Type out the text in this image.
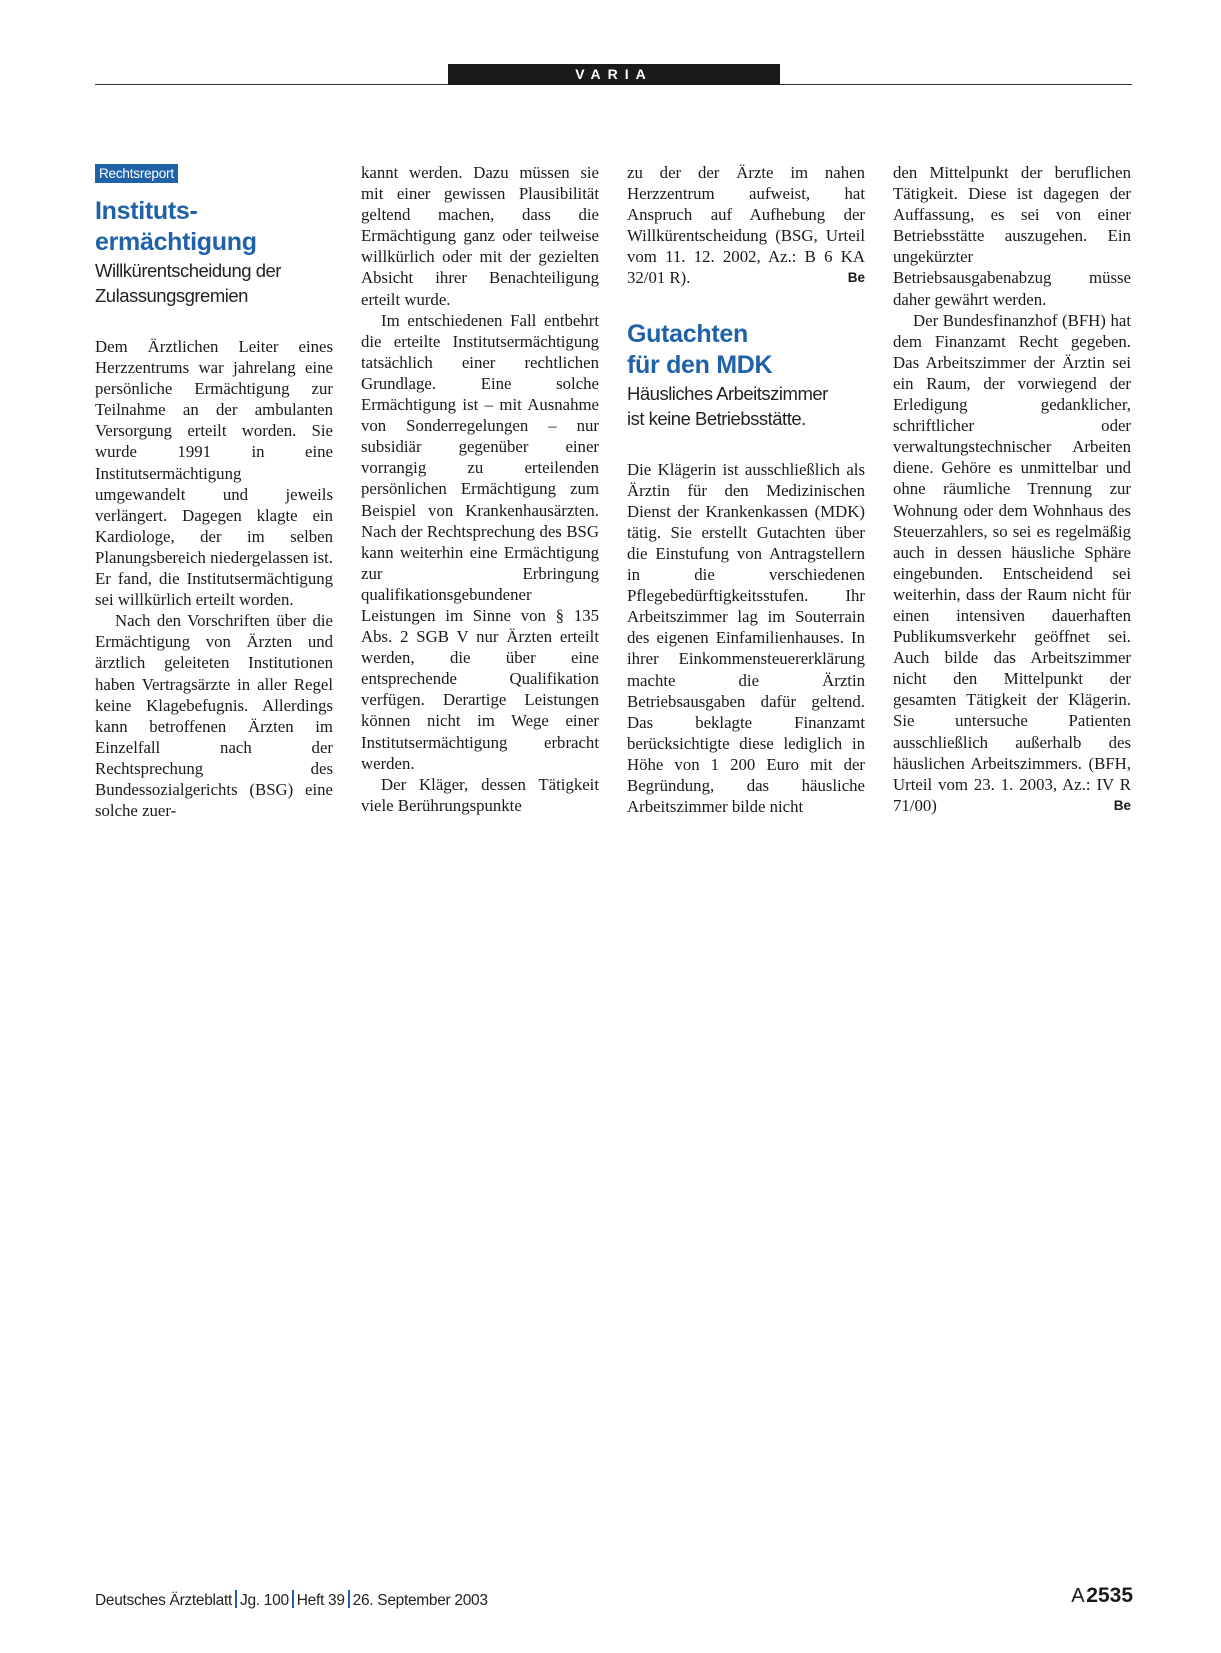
VARIA
Rechtsreport
Instituts-
ermächtigung

Willkürentscheidung der
Zulassungsgremien

Dem Ärztlichen Leiter eines Herzzentrums war jahrelang eine persönliche Ermächtigung zur Teilnahme an der ambulanten Versorgung erteilt worden. Sie wurde 1991 in eine Institutsermächtigung umgewandelt und jeweils verlängert. Dagegen klagte ein Kardiologe, der im selben Planungsbereich niedergelassen ist. Er fand, die Institutsermächtigung sei willkürlich erteilt worden.

Nach den Vorschriften über die Ermächtigung von Ärzten und ärztlich geleiteten Institutionen haben Vertragsärzte in aller Regel keine Klagebefugnis. Allerdings kann betroffenen Ärzten im Einzelfall nach der Rechtsprechung des Bundessozialgerichts (BSG) eine solche zuer-

kannt werden. Dazu müssen sie mit einer gewissen Plausibilität geltend machen, dass die Ermächtigung ganz oder teilweise willkürlich oder mit der gezielten Absicht ihrer Benachteiligung erteilt wurde.

Im entschiedenen Fall entbehrt die erteilte Institutsermächtigung tatsächlich einer rechtlichen Grundlage. Eine solche Ermächtigung ist – mit Ausnahme von Sonderregelungen – nur subsidiär gegenüber einer vorrangig zu erteilenden persönlichen Ermächtigung zum Beispiel von Krankenhausärzten. Nach der Rechtsprechung des BSG kann weiterhin eine Ermächtigung zur Erbringung qualifikationsgebundener Leistungen im Sinne von § 135 Abs. 2 SGB V nur Ärzten erteilt werden, die über eine entsprechende Qualifikation verfügen. Derartige Leistungen können nicht im Wege einer Institutsermächtigung erbracht werden.

Der Kläger, dessen Tätigkeit viele Berührungspunkte

zu der der Ärzte im nahen Herzzentrum aufweist, hat Anspruch auf Aufhebung der Willkürentscheidung (BSG, Urteil vom 11. 12. 2002, Az.: B 6 KA 32/01 R).	Be

Gutachten
für den MDK

Häusliches Arbeitszimmer
ist keine Betriebsstätte.

Die Klägerin ist ausschließlich als Ärztin für den Medizinischen Dienst der Krankenkassen (MDK) tätig. Sie erstellt Gutachten über die Einstufung von Antragstellern in die verschiedenen Pflegebedürftigkeitsstufen. Ihr Arbeitszimmer lag im Souterrain des eigenen Einfamilienhauses. In ihrer Einkommensteuererklärung machte die Ärztin Betriebsausgaben dafür geltend. Das beklagte Finanzamt berücksichtigte diese lediglich in Höhe von 1 200 Euro mit der Begründung, das häusliche Arbeitszimmer bilde nicht

den Mittelpunkt der beruflichen Tätigkeit. Diese ist dagegen der Auffassung, es sei von einer Betriebsstätte auszugehen. Ein ungekürzter Betriebsausgabenabzug müsse daher gewährt werden.

Der Bundesfinanzhof (BFH) hat dem Finanzamt Recht gegeben. Das Arbeitszimmer der Ärztin sei ein Raum, der vorwiegend der Erledigung gedanklicher, schriftlicher oder verwaltungstechnischer Arbeiten diene. Gehöre es unmittelbar und ohne räumliche Trennung zur Wohnung oder dem Wohnhaus des Steuerzahlers, so sei es regelmäßig auch in dessen häusliche Sphäre eingebunden. Entscheidend sei weiterhin, dass der Raum nicht für einen intensiven dauerhaften Publikumsverkehr geöffnet sei. Auch bilde das Arbeitszimmer nicht den Mittelpunkt der gesamten Tätigkeit der Klägerin. Sie untersuche Patienten ausschließlich außerhalb des häuslichen Arbeitszimmers. (BFH, Urteil vom 23. 1. 2003, Az.: IV R 71/00)	Be

Deutsches Ärzteblatt Jg. 100 Heft 39 26. September 2003	A 2535
